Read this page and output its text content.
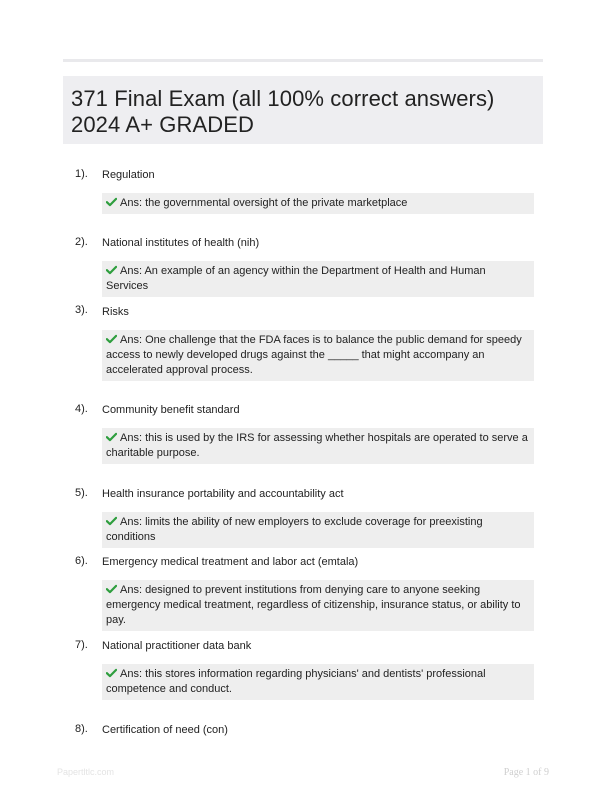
371 Final Exam (all 100% correct answers) 2024 A+ GRADED
1). Regulation
Ans: the governmental oversight of the private marketplace
2). National institutes of health (nih)
Ans: An example of an agency within the Department of Health and Human Services
3). Risks
Ans: One challenge that the FDA faces is to balance the public demand for speedy access to newly developed drugs against the _____ that might accompany an accelerated approval process.
4). Community benefit standard
Ans: this is used by the IRS for assessing whether hospitals are operated to serve a charitable purpose.
5). Health insurance portability and accountability act
Ans: limits the ability of new employers to exclude coverage for preexisting conditions
6). Emergency medical treatment and labor act (emtala)
Ans: designed to prevent institutions from denying care to anyone seeking emergency medical treatment, regardless of citizenship, insurance status, or ability to pay.
7). National practitioner data bank
Ans: this stores information regarding physicians' and dentists' professional competence and conduct.
8). Certification of need (con)
Papertltlc.com	Page 1 of 9
